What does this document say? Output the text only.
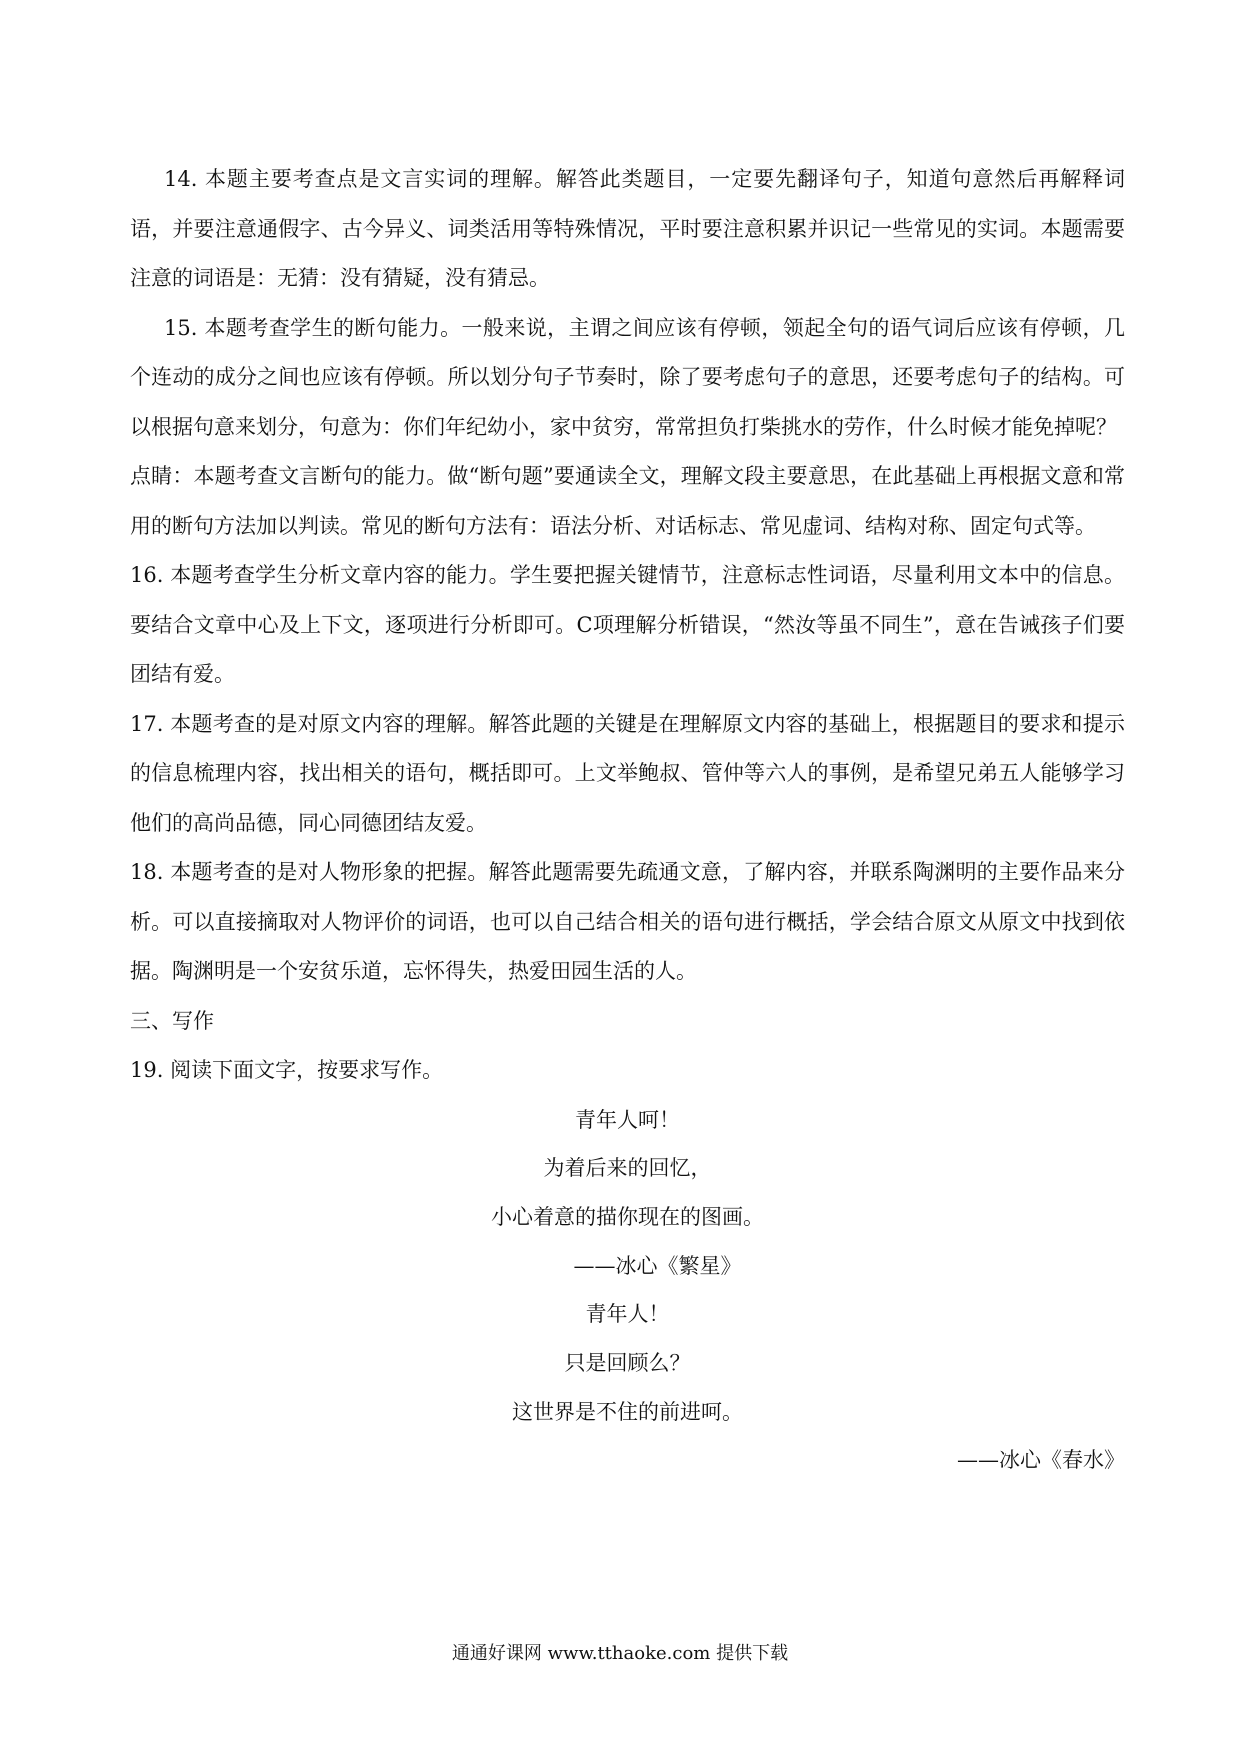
14. 本题主要考查点是文言实词的理解。解答此类题目，一定要先翻译句子，知道句意然后再解释词语，并要注意通假字、古今异义、词类活用等特殊情况，平时要注意积累并识记一些常见的实词。本题需要注意的词语是：无猜：没有猜疑，没有猜忌。

15. 本题考查学生的断句能力。一般来说，主谓之间应该有停顿，领起全句的语气词后应该有停顿，几个连动的成分之间也应该有停顿。所以划分句子节奏时，除了要考虑句子的意思，还要考虑句子的结构。可以根据句意来划分，句意为：你们年纪幼小，家中贫穷，常常担负打柴挑水的劳作，什么时候才能免掉呢？

点睛：本题考查文言断句的能力。做“断句题”要通读全文，理解文段主要意思，在此基础上再根据文意和常用的断句方法加以判读。常见的断句方法有：语法分析、对话标志、常见虚词、结构对称、固定句式等。

16. 本题考查学生分析文章内容的能力。学生要把握关键情节，注意标志性词语，尽量利用文本中的信息。要结合文章中心及上下文，逐项进行分析即可。C项理解分析错误，“然汝等虽不同生”，意在告诫孩子们要团结有爱。

17. 本题考查的是对原文内容的理解。解答此题的关键是在理解原文内容的基础上，根据题目的要求和提示的信息梳理内容，找出相关的语句，概括即可。上文举鲍叔、管仲等六人的事例，是希望兄弟五人能够学习他们的高尚品德，同心同德团结友爱。

18. 本题考查的是对人物形象的把握。解答此题需要先疏通文意，了解内容，并联系陶渊明的主要作品来分析。可以直接摘取对人物评价的词语，也可以自己结合相关的语句进行概括，学会结合原文从原文中找到依据。陶渊明是一个安贫乐道，忘怀得失，热爱田园生活的人。

三、写作

19. 阅读下面文字，按要求写作。

青年人呵！
为着后来的回忆，
小心着意的描你现在的图画。
——冰心《繁星》
青年人！
只是回顾么？
这世界是不住的前进呵。
——冰心《春水》
通通好课网 www.tthaoke.com 提供下载
